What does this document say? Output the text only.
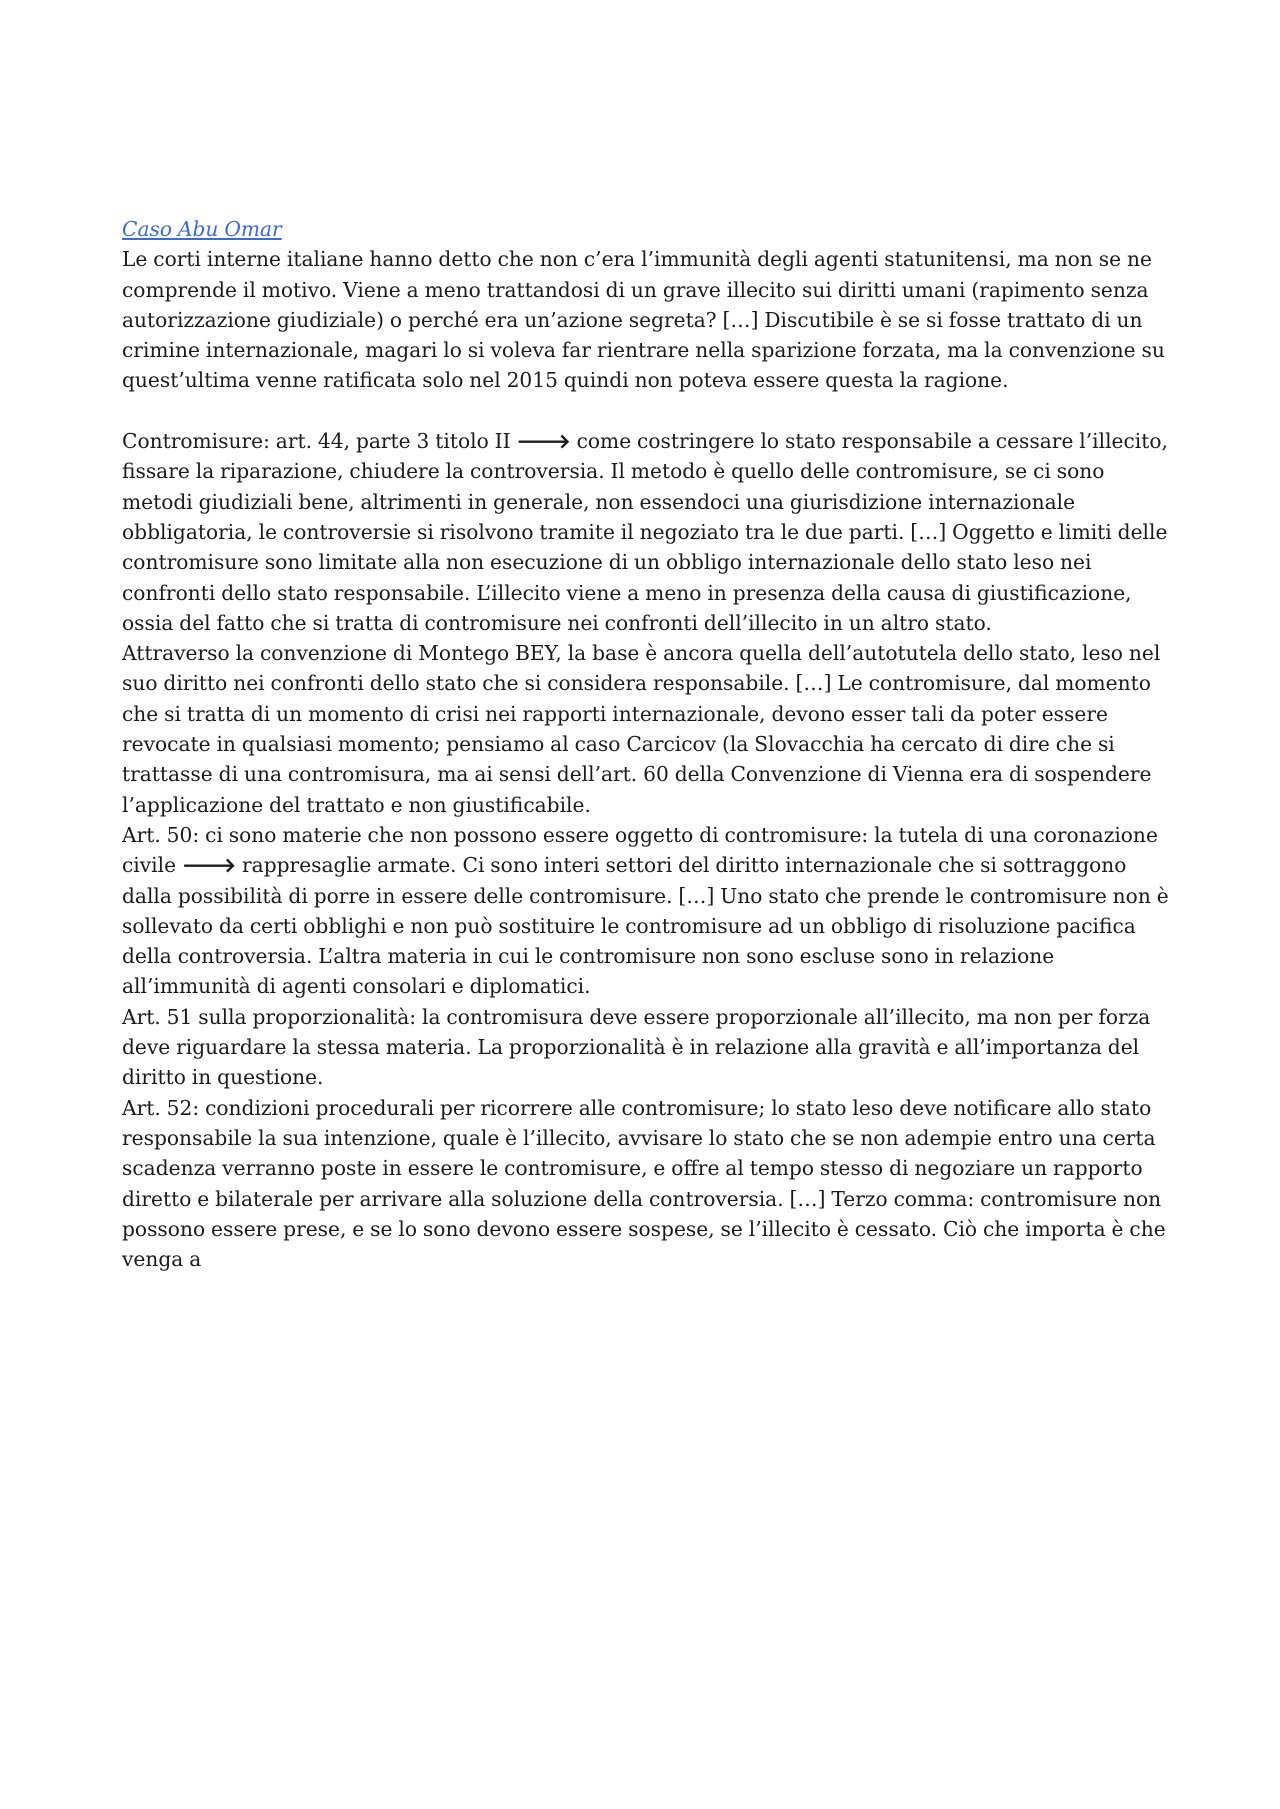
Caso Abu Omar

Le corti interne italiane hanno detto che non c’era l’immunità degli agenti statunitensi, ma non se ne comprende il motivo. Viene a meno trattandosi di un grave illecito sui diritti umani (rapimento senza autorizzazione giudiziale) o perché era un’azione segreta? […] Discutibile è se si fosse trattato di un crimine internazionale, magari lo si voleva far rientrare nella sparizione forzata, ma la convenzione su quest’ultima venne ratificata solo nel 2015 quindi non poteva essere questa la ragione.

Contromisure: art. 44, parte 3 titolo II 🡒 come costringere lo stato responsabile a cessare l’illecito, fissare la riparazione, chiudere la controversia. Il metodo è quello delle contromisure, se ci sono metodi giudiziali bene, altrimenti in generale, non essendoci una giurisdizione internazionale obbligatoria, le controversie si risolvono tramite il negoziato tra le due parti. […] Oggetto e limiti delle contromisure sono limitate alla non esecuzione di un obbligo internazionale dello stato leso nei confronti dello stato responsabile. L’illecito viene a meno in presenza della causa di giustificazione, ossia del fatto che si tratta di contromisure nei confronti dell’illecito in un altro stato.

Attraverso la convenzione di Montego BEY, la base è ancora quella dell’autotutela dello stato, leso nel suo diritto nei confronti dello stato che si considera responsabile. […] Le contromisure, dal momento che si tratta di un momento di crisi nei rapporti internazionale, devono esser tali da poter essere revocate in qualsiasi momento; pensiamo al caso Carcicov (la Slovacchia ha cercato di dire che si trattasse di una contromisura, ma ai sensi dell’art. 60 della Convenzione di Vienna era di sospendere l’applicazione del trattato e non giustificabile.

Art. 50: ci sono materie che non possono essere oggetto di contromisure: la tutela di una coronazione civile 🡒 rappresaglie armate. Ci sono interi settori del diritto internazionale che si sottraggono dalla possibilità di porre in essere delle contromisure. […] Uno stato che prende le contromisure non è sollevato da certi obblighi e non può sostituire le contromisure ad un obbligo di risoluzione pacifica della controversia. L’altra materia in cui le contromisure non sono escluse sono in relazione all’immunità di agenti consolari e diplomatici.

Art. 51 sulla proporzionalità: la contromisura deve essere proporzionale all’illecito, ma non per forza deve riguardare la stessa materia. La proporzionalità è in relazione alla gravità e all’importanza del diritto in questione.

Art. 52: condizioni procedurali per ricorrere alle contromisure; lo stato leso deve notificare allo stato responsabile la sua intenzione, quale è l’illecito, avvisare lo stato che se non adempie entro una certa scadenza verranno poste in essere le contromisure, e offre al tempo stesso di negoziare un rapporto diretto e bilaterale per arrivare alla soluzione della controversia. […] Terzo comma: contromisure non possono essere prese, e se lo sono devono essere sospese, se l’illecito è cessato. Ciò che importa è che venga a
